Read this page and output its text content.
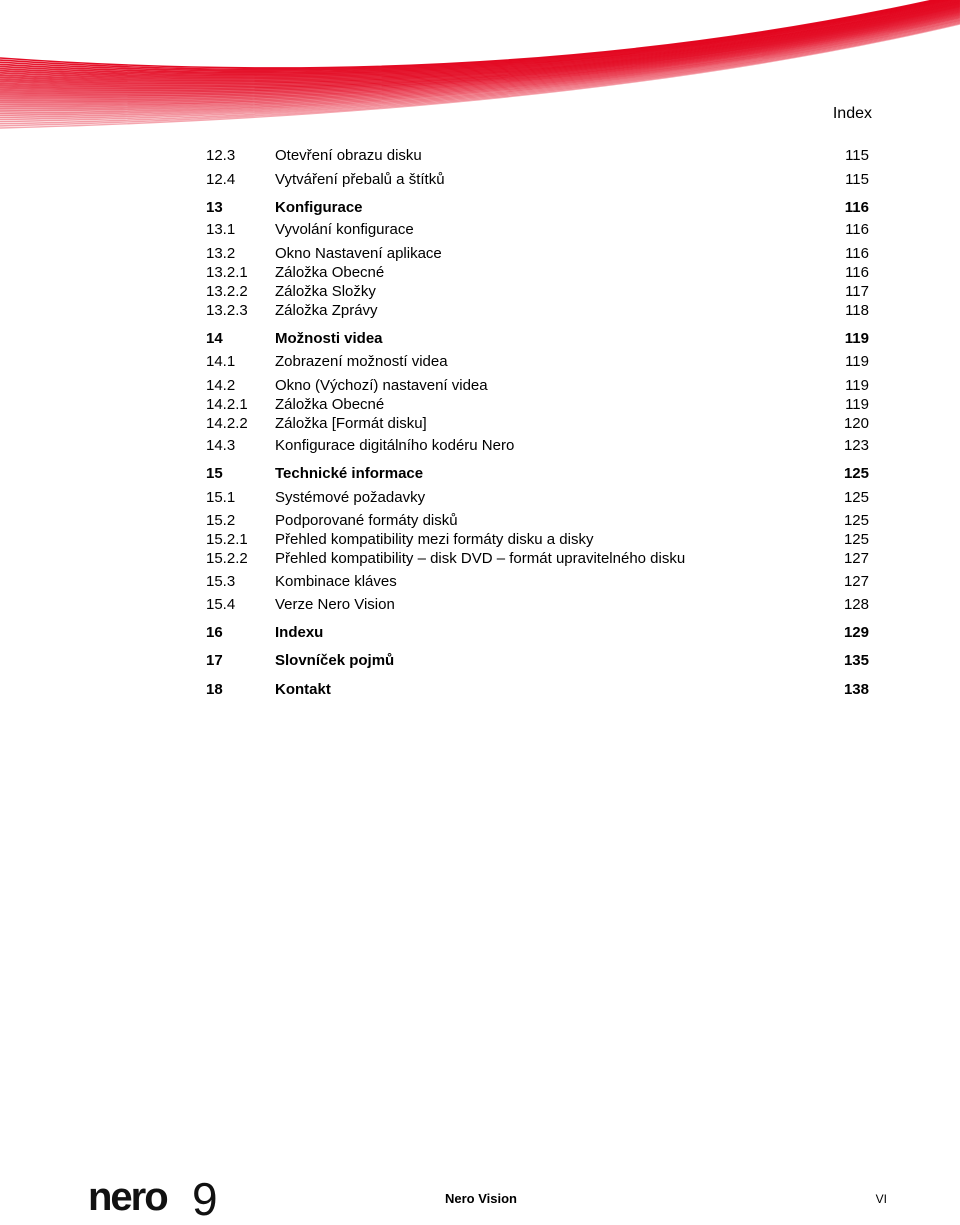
Index
12.3	Otevření obrazu disku	115
12.4	Vytváření přebalů a štítků	115
13	Konfigurace	116
13.1	Vyvolání konfigurace	116
13.2	Okno Nastavení aplikace	116
13.2.1 Záložka Obecné	116
13.2.2 Záložka Složky	117
13.2.3 Záložka Zprávy	118
14	Možnosti videa	119
14.1	Zobrazení možností videa	119
14.2	Okno (Výchozí) nastavení videa	119
14.2.1 Záložka Obecné	119
14.2.2 Záložka [Formát disku]	120
14.3	Konfigurace digitálního kodéru Nero	123
15	Technické informace	125
15.1	Systémové požadavky	125
15.2	Podporované formáty disků	125
15.2.1 Přehled kompatibility mezi formáty disku a disky	125
15.2.2 Přehled kompatibility – disk DVD – formát upravitelného disku	127
15.3	Kombinace kláves	127
15.4	Verze Nero Vision	128
16	Indexu	129
17	Slovníček pojmů	135
18	Kontakt	138
nero 9	Nero Vision	VI
